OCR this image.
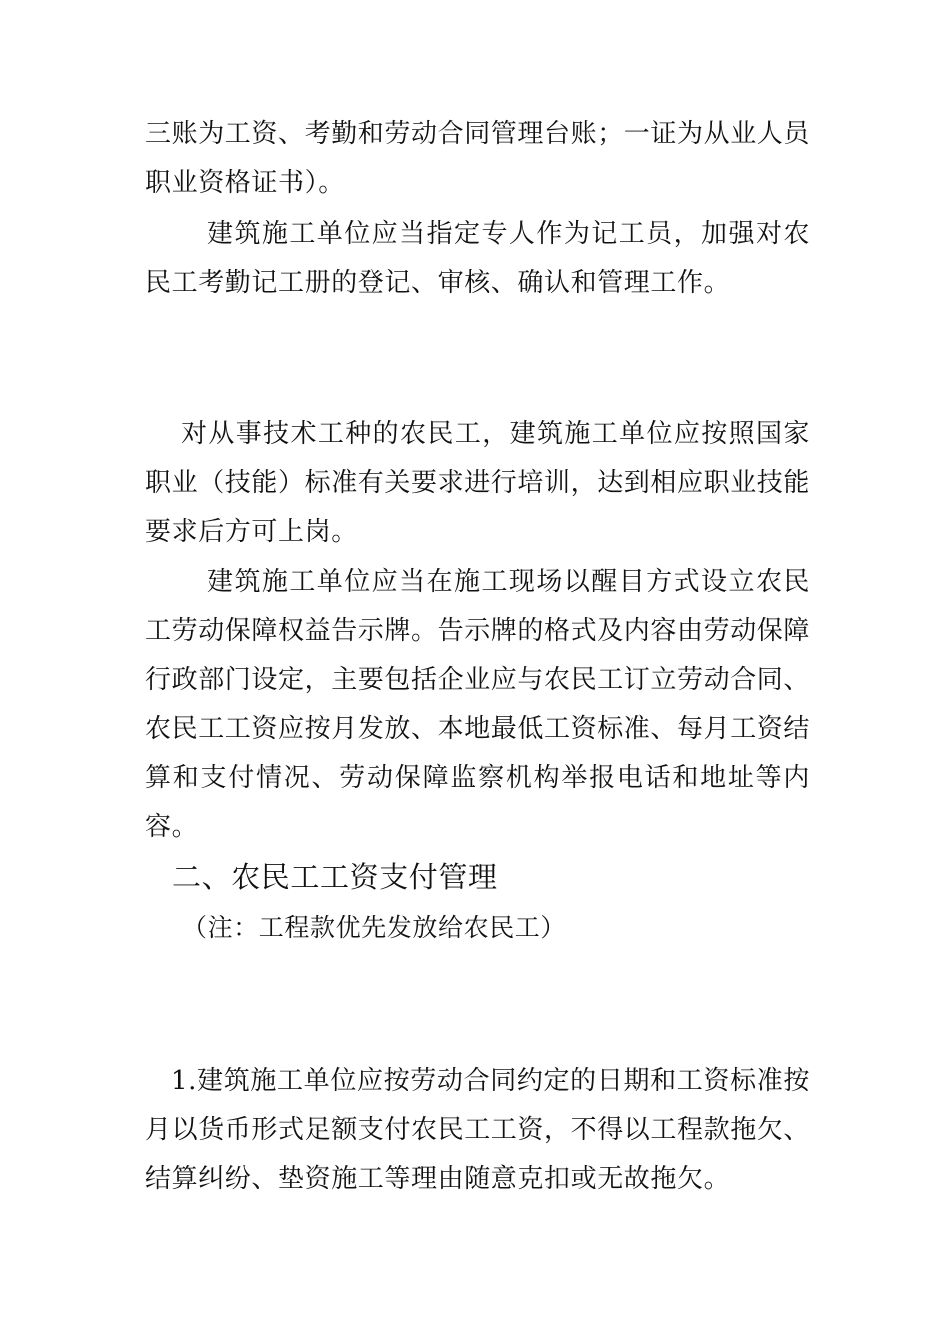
三账为工资、考勤和劳动合同管理台账；一证为从业人员职业资格证书）。

建筑施工单位应当指定专人作为记工员，加强对农民工考勤记工册的登记、审核、确认和管理工作。

对从事技术工种的农民工，建筑施工单位应按照国家职业（技能）标准有关要求进行培训，达到相应职业技能要求后方可上岗。

建筑施工单位应当在施工现场以醒目方式设立农民工劳动保障权益告示牌。告示牌的格式及内容由劳动保障行政部门设定，主要包括企业应与农民工订立劳动合同、农民工工资应按月发放、本地最低工资标准、每月工资结算和支付情况、劳动保障监察机构举报电话和地址等内容。

二、农民工工资支付管理

（注：工程款优先发放给农民工）

1.建筑施工单位应按劳动合同约定的日期和工资标准按月以货币形式足额支付农民工工资，不得以工程款拖欠、结算纠纷、垫资施工等理由随意克扣或无故拖欠。
